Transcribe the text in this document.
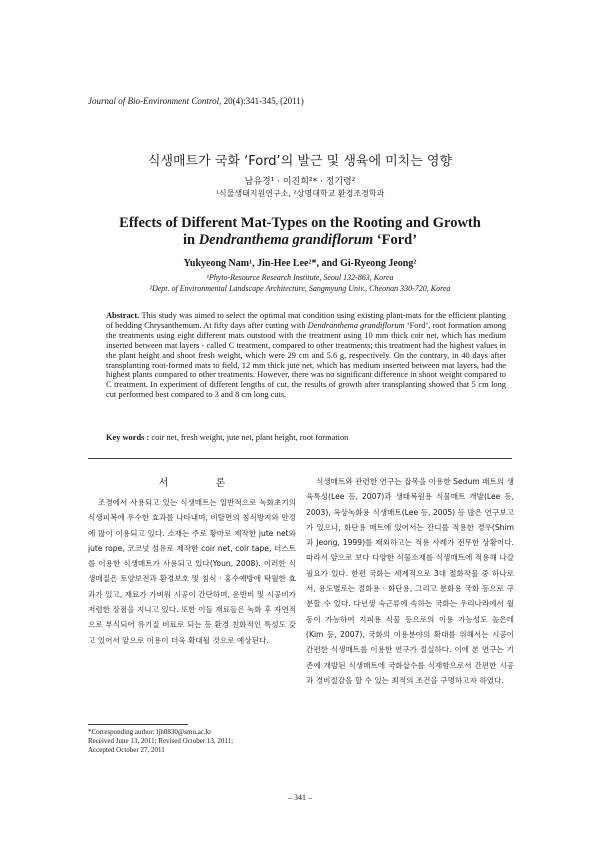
Journal of Bio-Environment Control, 20(4):341-345, (2011)
식생매트가 국화 ‘Ford’의 발근 및 생육에 미치는 영향
남유경¹ · 이진희²* · 정기령²
¹식물생태지원연구소, ²상명대학교 환경조경학과
Effects of Different Mat-Types on the Rooting and Growth
in Dendranthema grandiflorum ‘Ford’
Yukyeong Nam¹, Jin-Hee Lee²*, and Gi-Ryeong Jeong²
¹Phyto-Resource Research Institute, Seoul 132-863, Korea
²Dept. of Environmental Landscape Architecture, Sangmyung Univ., Cheonan 330-720, Korea
Abstract. This study was aimed to select the optimal mat condition using existing plant-mats for the efficient planting of bedding Chrysanthemum. At fifty days after cutting with Dendranthema grandiflorum ‘Ford’, root formation among the treatments using eight different mats outstood with the treatment using 10 mm thick coir net, which has medium inserted between mat layers - called C treatment, compared to other treatments; this treatment had the highest values in the plant height and shoot fresh weight, which were 29 cm and 5.6 g, respectively. On the contrary, in 40 days after transplanting root-formed mats to field, 12 mm thick jute net, which has medium inserted between mat layers, had the highest plants compared to other treatments. However, there was no significant difference in shoot weight compared to C treatment. In experiment of different lengths of cut, the results of growth after transplanting showed that 5 cm long cut performed best compared to 3 and 8 cm long cuts.
Key words : coir net, fresh weight, jute net, plant height, root formation
서 론

조경에서 사용되고 있는 식생매트는 일반적으로 녹화초기의 식생피복에 우수한 효과를 나타내며, 비탈면의 침식방지와 안정에 많이 이용되고 있다. 소재는 주로 황마로 제작한 jute net와 jute rope, 코코넛 섬유로 제작한 coir net, coir tape, 더스트를 이용한 식생매트가 사용되고 있다(Youn, 2008). 이러한 식생매질은 토양보전과 환경보호 및 침식 · 홍수예방에 탁월한 효과가 있고, 재료가 가벼워 시공이 간단하며, 운반비 및 시공비가 저렴한 장점을 지니고 있다. 또한 이들 재료들은 녹화 후 자연적으로 부식되어 유기질 비료로 되는 등 환경 친화적인 특성도 갖고 있어서 앞으로 이용이 더욱 확대될 것으로 예상된다.

식생매트와 관련한 연구는 잡목을 이용한 Sedum 패트의 생육특성(Lee 등, 2007)과 생태복원용 식물매트 개발(Lee 등, 2003), 옥상녹화용 식생매트(Lee 등, 2005) 등 많은 연구보고가 있으나, 화단용 매트에 있어서는 잔디를 적용한 경우(Shim과 Jeong, 1999)를 제외하고는 적용 사례가 전무한 상황이다. 따라서 앞으로 보다 다양한 식물소재를 식생매트에 적용해 나갈 필요가 있다. 한편 국화는 세계적으로 3대 절화작물 중 하나로서, 용도별로는 절화용 · 화단용, 그리고 분화용 국화 등으로 구분할 수 있다. 다년생 숙근류에 속하는 국화는 우리나라에서 월동이 가능하여 지피용 식물 등으로의 이용 가능성도 높은데(Kim 등, 2007), 국화의 이용분야의 확대를 위해서는 시공이 간편한 식생매트를 이용한 연구가 절실하다. 이에 본 연구는 기존에 개발된 식생매트에 국화삽수를 식재함으로서 간편한 시공과 경비절감을 할 수 있는 최적의 조건을 구명하고자 하였다.

*Corresponding author: ljh0830@smu.ac.kr
Received June 13, 2011; Revised October 13, 2011;
Accepted October 27, 2011
– 341 –
